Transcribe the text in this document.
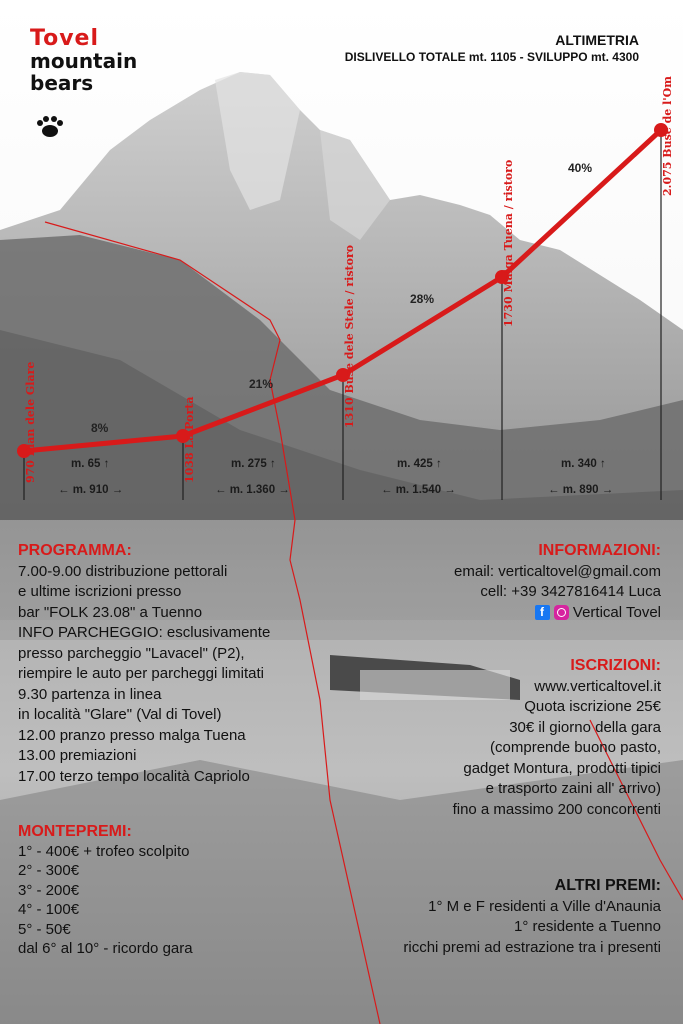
Tovel
mountain
bears
ALTIMETRIA
DISLIVELLO TOTALE mt. 1105 - SVILUPPO mt. 4300
970 Plan dele Glare
1038 La Porta	1310 Buse dele Stele / ristoro	1730 Malga Tuena / ristoro	2.075 Buse de l'Om
8%
21%
28%
40%
m. 65 ↑	m. 275 ↑	m. 425 ↑	m. 340 ↑
← m. 910 →	← m. 1.360 →	← m. 1.540 →	← m. 890 →
PROGRAMMA:
7.00-9.00 distribuzione pettorali
e ultime iscrizioni presso
bar "FOLK 23.08" a Tuenno
INFO PARCHEGGIO: esclusivamente
presso parcheggio "Lavacel" (P2),
riempire le auto per parcheggi limitati
9.30 partenza in linea
in località "Glare" (Val di Tovel)
12.00 pranzo presso malga Tuena
13.00 premiazioni
17.00 terzo tempo località Capriolo
MONTEPREMI:
1° - 400€ + trofeo scolpito
2° - 300€
3° - 200€
4° - 100€
5° - 50€
dal 6° al 10° - ricordo gara
INFORMAZIONI:
email: verticaltovel@gmail.com
cell: +39 3427816414 Luca
f Vertical Tovel
ISCRIZIONI:
www.verticaltovel.it
Quota iscrizione 25€
30€ il giorno della gara
(comprende buono pasto,
gadget Montura, prodotti tipici
e trasporto zaini all' arrivo)
fino a massimo 200 concorrenti
ALTRI PREMI:
1° M e F residenti a Ville d'Anaunia
1° residente a Tuenno
ricchi premi ad estrazione tra i presenti
